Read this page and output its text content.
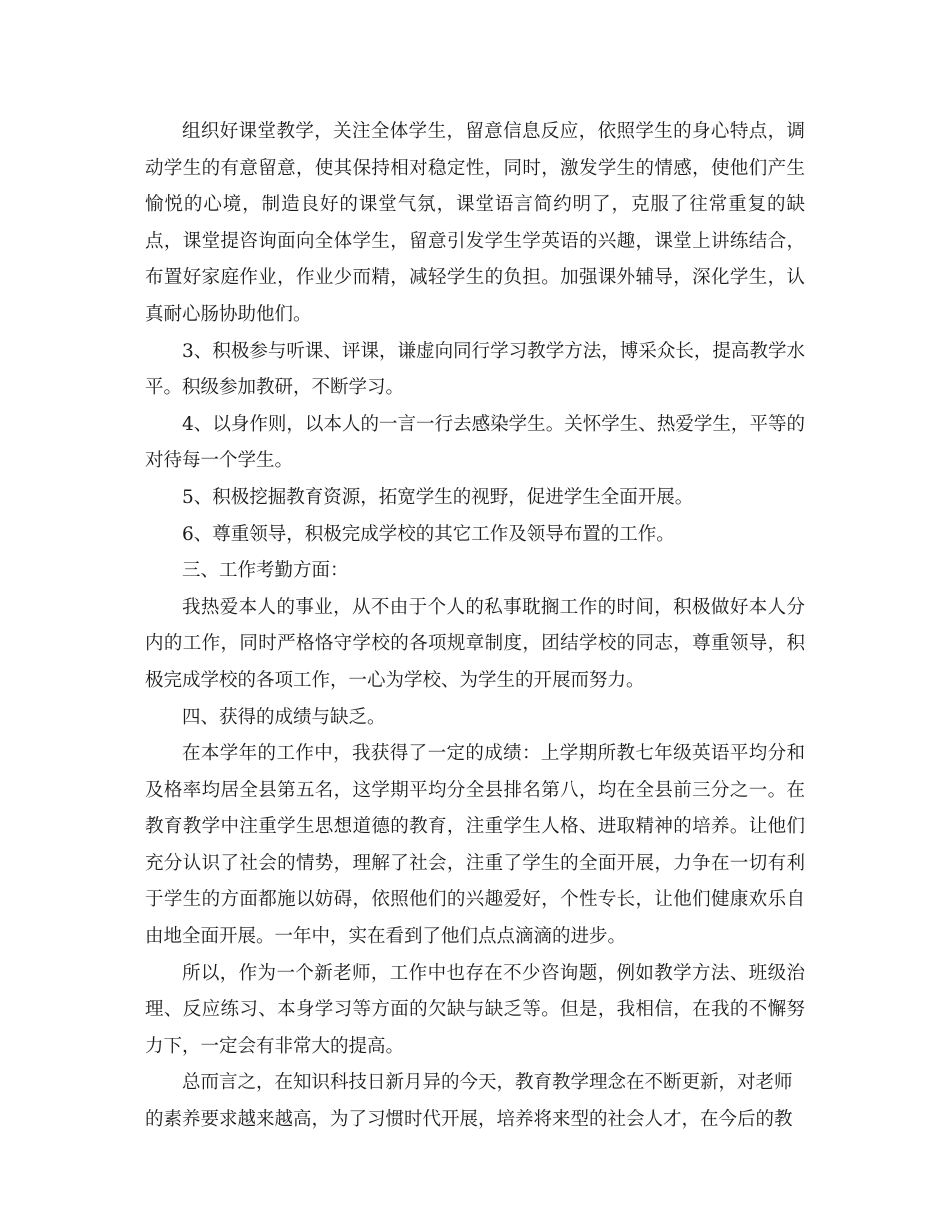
组织好课堂教学，关注全体学生，留意信息反应，依照学生的身心特点，调动学生的有意留意，使其保持相对稳定性，同时，激发学生的情感，使他们产生愉悦的心境，制造良好的课堂气氛，课堂语言简约明了，克服了往常重复的缺点，课堂提咨询面向全体学生，留意引发学生学英语的兴趣，课堂上讲练结合，布置好家庭作业，作业少而精，减轻学生的负担。加强课外辅导，深化学生，认真耐心肠协助他们。

3、积极参与听课、评课，谦虚向同行学习教学方法，博采众长，提高教学水平。积级参加教研，不断学习。

4、以身作则，以本人的一言一行去感染学生。关怀学生、热爱学生，平等的对待每一个学生。

5、积极挖掘教育资源，拓宽学生的视野，促进学生全面开展。

6、尊重领导，积极完成学校的其它工作及领导布置的工作。

三、工作考勤方面：

我热爱本人的事业，从不由于个人的私事耽搁工作的时间，积极做好本人分内的工作，同时严格恪守学校的各项规章制度，团结学校的同志，尊重领导，积极完成学校的各项工作，一心为学校、为学生的开展而努力。

四、获得的成绩与缺乏。

在本学年的工作中，我获得了一定的成绩：上学期所教七年级英语平均分和及格率均居全县第五名，这学期平均分全县排名第八，均在全县前三分之一。在教育教学中注重学生思想道德的教育，注重学生人格、进取精神的培养。让他们充分认识了社会的情势，理解了社会，注重了学生的全面开展，力争在一切有利于学生的方面都施以妨碍，依照他们的兴趣爱好，个性专长，让他们健康欢乐自由地全面开展。一年中，实在看到了他们点点滴滴的进步。

所以，作为一个新老师，工作中也存在不少咨询题，例如教学方法、班级治理、反应练习、本身学习等方面的欠缺与缺乏等。但是，我相信，在我的不懈努力下，一定会有非常大的提高。

总而言之，在知识科技日新月异的今天，教育教学理念在不断更新，对老师的素养要求越来越高，为了习惯时代开展，培养将来型的社会人才，在今后的教
